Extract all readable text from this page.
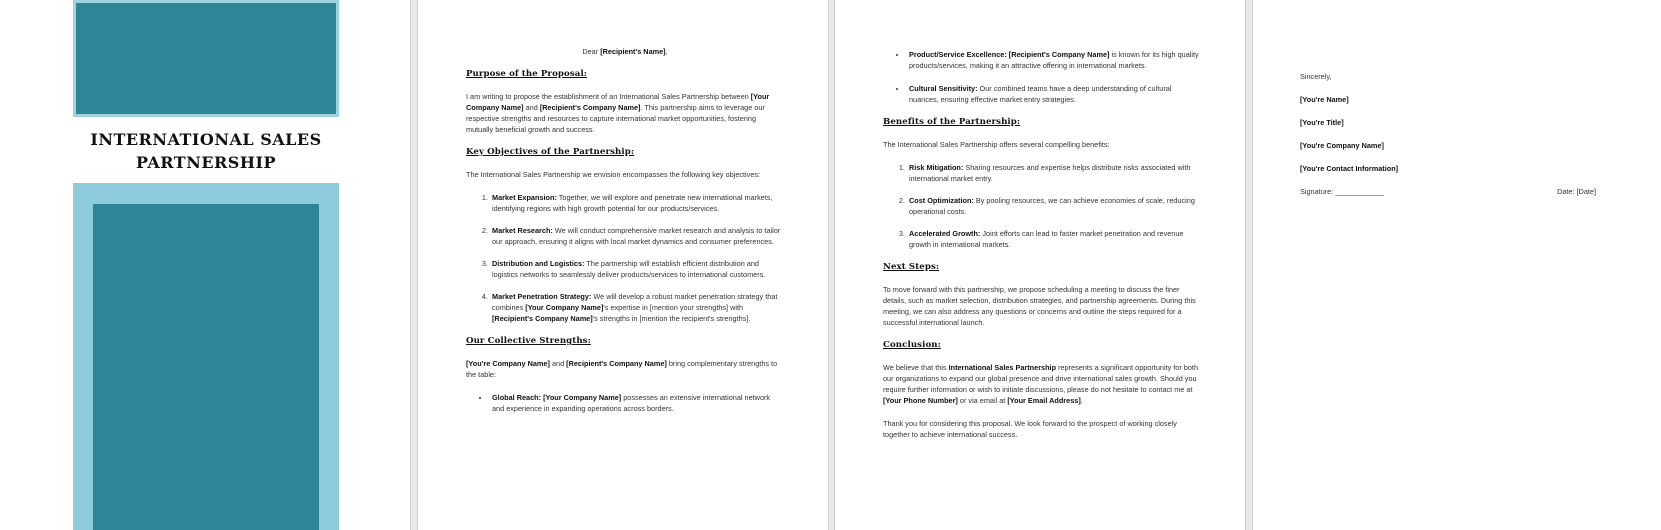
INTERNATIONAL SALES
PARTNERSHIP

Dear [Recipient's Name],

Purpose of the Proposal:

I am writing to propose the establishment of an International Sales Partnership between [Your Company Name] and [Recipient's Company Name]. This partnership aims to leverage our respective strengths and resources to capture international market opportunities, fostering mutually beneficial growth and success.

Key Objectives of the Partnership:

The International Sales Partnership we envision encompasses the following key objectives:

1. Market Expansion: Together, we will explore and penetrate new international markets, identifying regions with high growth potential for our products/services.
2. Market Research: We will conduct comprehensive market research and analysis to tailor our approach, ensuring it aligns with local market dynamics and consumer preferences.
3. Distribution and Logistics: The partnership will establish efficient distribution and logistics networks to seamlessly deliver products/services to international customers.
4. Market Penetration Strategy: We will develop a robust market penetration strategy that combines [Your Company Name]'s expertise in [mention your strengths] with [Recipient's Company Name]'s strengths in [mention the recipient's strengths].
Our Collective Strengths:

[You're Company Name] and [Recipient's Company Name] bring complementary strengths to the table:

• Global Reach: [Your Company Name] possesses an extensive international network and experience in expanding operations across borders.
• Product/Service Excellence: [Recipient's Company Name] is known for its high quality products/services, making it an attractive offering in international markets.
• Cultural Sensitivity: Our combined teams have a deep understanding of cultural nuances, ensuring effective market entry strategies.
Benefits of the Partnership:

The International Sales Partnership offers several compelling benefits:

1. Risk Mitigation: Sharing resources and expertise helps distribute risks associated with international market entry.
2. Cost Optimization: By pooling resources, we can achieve economies of scale, reducing operational costs.
3. Accelerated Growth: Joint efforts can lead to faster market penetration and revenue growth in international markets.
Next Steps:

To move forward with this partnership, we propose scheduling a meeting to discuss the finer details, such as market selection, distribution strategies, and partnership agreements. During this meeting, we can also address any questions or concerns and outline the steps required for a successful international launch.

Conclusion:

We believe that this International Sales Partnership represents a significant opportunity for both our organizations to expand our global presence and drive international sales growth. Should you require further information or wish to initiate discussions, please do not hesitate to contact me at [Your Phone Number] or via email at [Your Email Address].

Thank you for considering this proposal. We look forward to the prospect of working closely together to achieve international success.

Sincerely,

[You're Name]

[You're Title]

[You're Company Name]

[You're Contact Information]

Signature: ____________	Date: [Date]
